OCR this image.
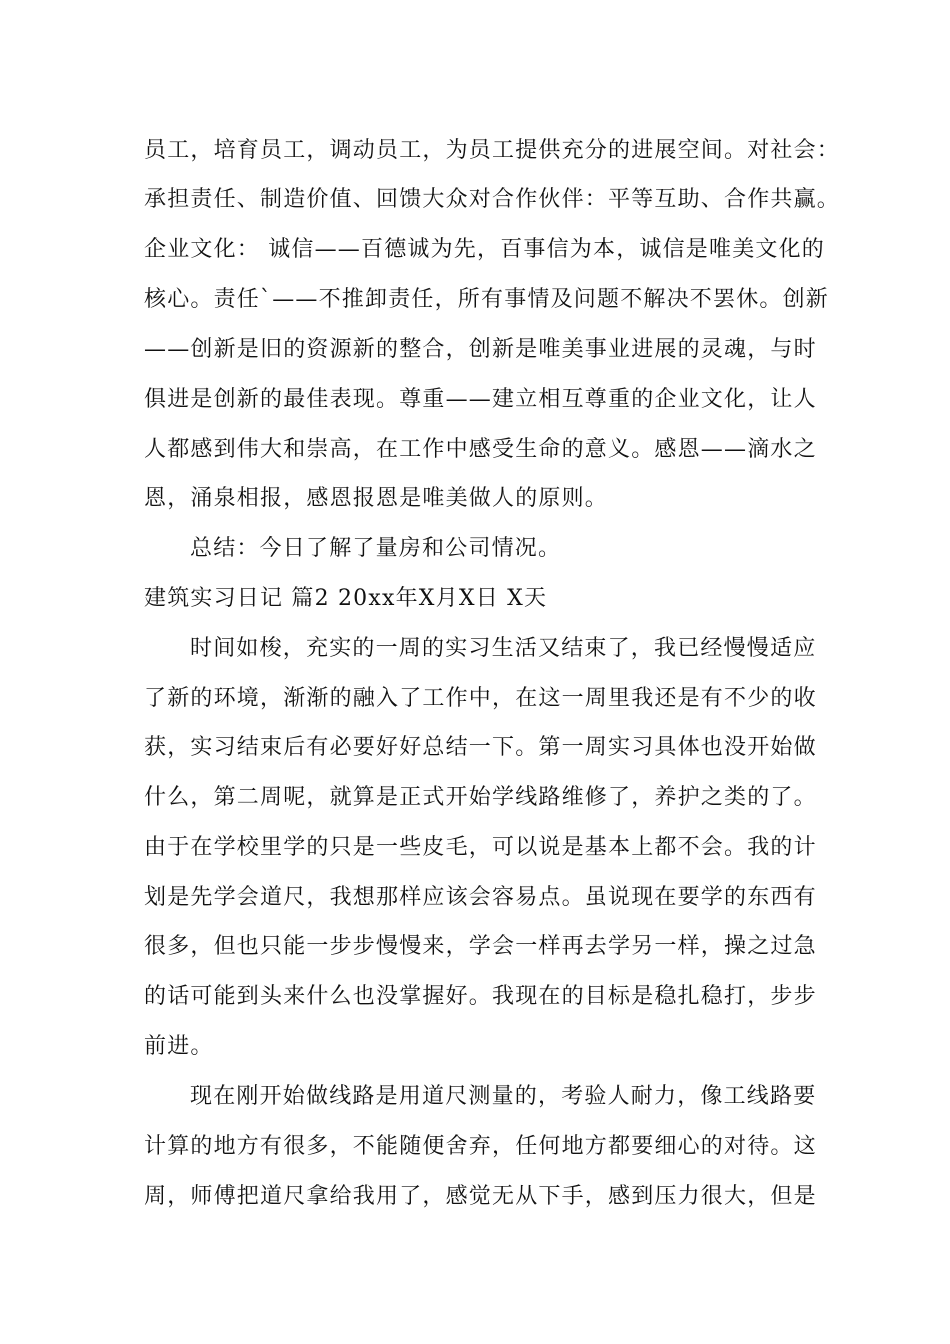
员工，培育员工，调动员工，为员工提供充分的进展空间。对社会：
承担责任、制造价值、回馈大众对合作伙伴：平等互助、合作共赢。
企业文化： 诚信——百德诚为先，百事信为本，诚信是唯美文化的
核心。责任`——不推卸责任，所有事情及问题不解决不罢休。创新
——创新是旧的资源新的整合，创新是唯美事业进展的灵魂，与时
俱进是创新的最佳表现。尊重——建立相互尊重的企业文化，让人
人都感到伟大和崇高，在工作中感受生命的意义。感恩——滴水之
恩，涌泉相报，感恩报恩是唯美做人的原则。
总结：今日了解了量房和公司情况。
建筑实习日记 篇2 20xx年X月X日 X天
时间如梭，充实的一周的实习生活又结束了，我已经慢慢适应
了新的环境，渐渐的融入了工作中，在这一周里我还是有不少的收
获，实习结束后有必要好好总结一下。第一周实习具体也没开始做
什么，第二周呢，就算是正式开始学线路维修了，养护之类的了。
由于在学校里学的只是一些皮毛，可以说是基本上都不会。我的计
划是先学会道尺，我想那样应该会容易点。虽说现在要学的东西有
很多，但也只能一步步慢慢来，学会一样再去学另一样，操之过急
的话可能到头来什么也没掌握好。我现在的目标是稳扎稳打，步步
前进。
现在刚开始做线路是用道尺测量的，考验人耐力，像工线路要
计算的地方有很多，不能随便舍弃，任何地方都要细心的对待。这
周，师傅把道尺拿给我用了，感觉无从下手，感到压力很大，但是
